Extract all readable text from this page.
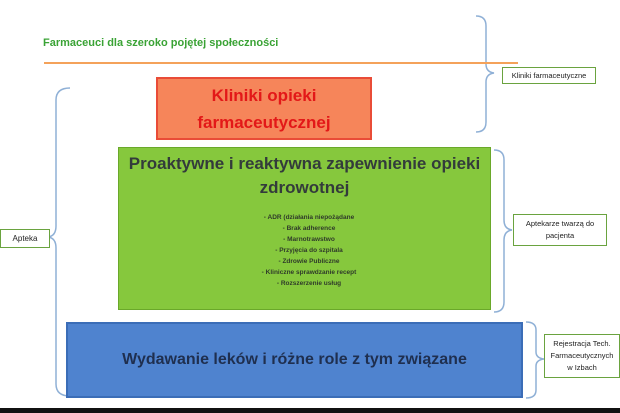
Farmaceuci dla szeroko pojętej społeczności
Kliniki opieki farmaceutycznej
Proaktywne i reaktywna zapewnienie opieki zdrowotnej
- ADR (działania niepożądane
- Brak adherence
- Marnotrawstwo
- Przyjęcia do szpitala
- Zdrowie Publiczne
- Kliniczne sprawdzanie recept
- Rozszerzenie usług
Wydawanie leków i różne role z tym związane
Apteka
Kliniki farmaceutyczne
Aptekarze twarzą do pacjenta
Rejestracja Tech. Farmaceutycznych w Izbach
